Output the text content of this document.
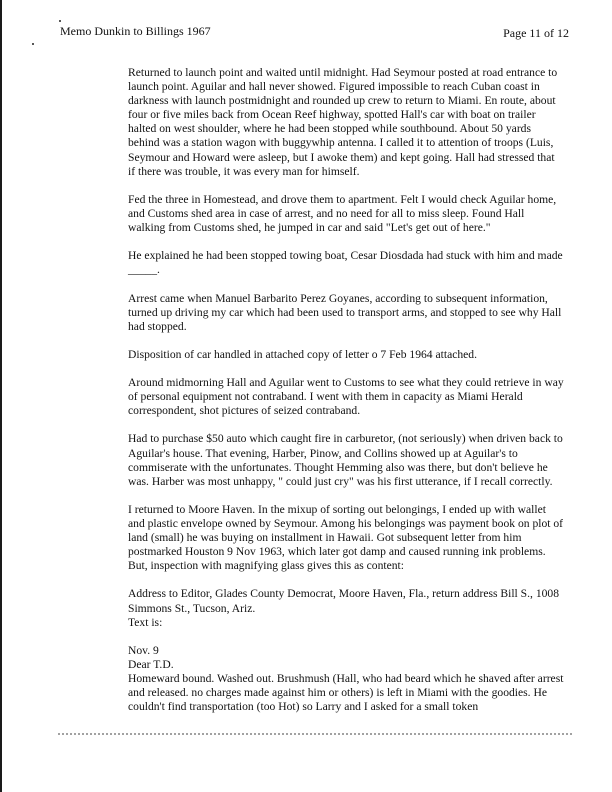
Memo Dunkin to Billings 1967	Page 11 of 12

Returned to launch point and waited until midnight. Had Seymour posted at road entrance to launch point. Aguilar and hall never showed. Figured impossible to reach Cuban coast in darkness with launch postmidnight and rounded up crew to return to Miami. En route, about four or five miles back from Ocean Reef highway, spotted Hall's car with boat on trailer halted on west shoulder, where he had been stopped while southbound. About 50 yards behind was a station wagon with buggywhip antenna. I called it to attention of troops (Luis, Seymour and Howard were asleep, but I awoke them) and kept going. Hall had stressed that if there was trouble, it was every man for himself.

Fed the three in Homestead, and drove them to apartment. Felt I would check Aguilar home, and Customs shed area in case of arrest, and no need for all to miss sleep. Found Hall walking from Customs shed, he jumped in car and said "Let's get out of here."

He explained he had been stopped towing boat, Cesar Diosdada had stuck with him and made _____.

Arrest came when Manuel Barbarito Perez Goyanes, according to subsequent information, turned up driving my car which had been used to transport arms, and stopped to see why Hall had stopped.

Disposition of car handled in attached copy of letter o 7 Feb 1964 attached.

Around midmorning Hall and Aguilar went to Customs to see what they could retrieve in way of personal equipment not contraband. I went with them in capacity as Miami Herald correspondent, shot pictures of seized contraband.

Had to purchase $50 auto which caught fire in carburetor, (not seriously) when driven back to Aguilar's house. That evening, Harber, Pinow, and Collins showed up at Aguilar's to commiserate with the unfortunates. Thought Hemming also was there, but don't believe he was. Harber was most unhappy, " could just cry" was his first utterance, if I recall correctly.

I returned to Moore Haven. In the mixup of sorting out belongings, I ended up with wallet and plastic envelope owned by Seymour. Among his belongings was payment book on plot of land (small) he was buying on installment in Hawaii. Got subsequent letter from him postmarked Houston 9 Nov 1963, which later got damp and caused running ink problems. But, inspection with magnifying glass gives this as content:

Address to Editor, Glades County Democrat, Moore Haven, Fla., return address Bill S., 1008 Simmons St., Tucson, Ariz.

Text is:

Nov. 9

Dear T.D.

Homeward bound. Washed out. Brushmush (Hall, who had beard which he shaved after arrest and released. no charges made against him or others) is left in Miami with the goodies. He couldn't find transportation (too Hot) so Larry and I asked for a small token
